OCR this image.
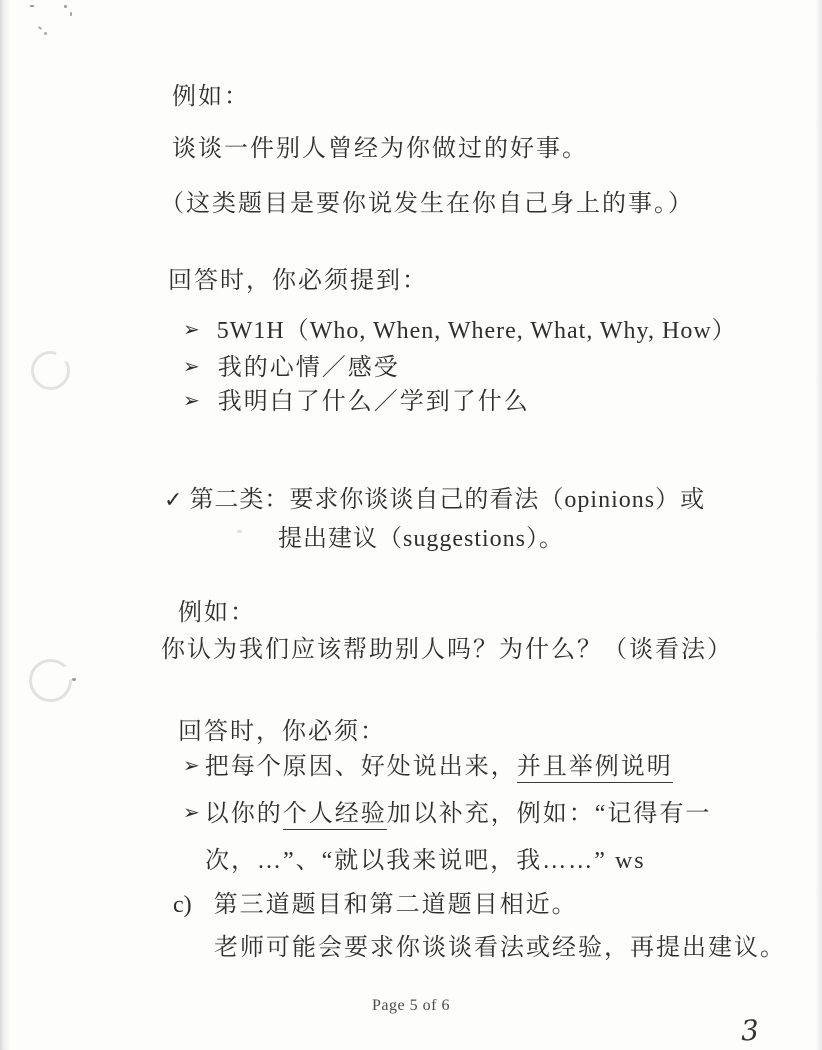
例如：
谈谈一件别人曾经为你做过的好事。
（这类题目是要你说发生在你自己身上的事。）
回答时，你必须提到：
➢ 5W1H（Who, When, Where, What, Why, How）
➢ 我的心情／感受
➢ 我明白了什么／学到了什么
✓ 第二类：要求你谈谈自己的看法（opinions）或
提出建议（suggestions）。
例如：
你认为我们应该帮助别人吗？为什么？（谈看法）
回答时，你必须：
➢ 把每个原因、好处说出来，并且举例说明
➢ 以你的个人经验加以补充，例如：“记得有一
次，…”、“就以我来说吧，我……” ws
c) 第三道题目和第二道题目相近。
老师可能会要求你谈谈看法或经验，再提出建议。
Page 5 of 6
3
